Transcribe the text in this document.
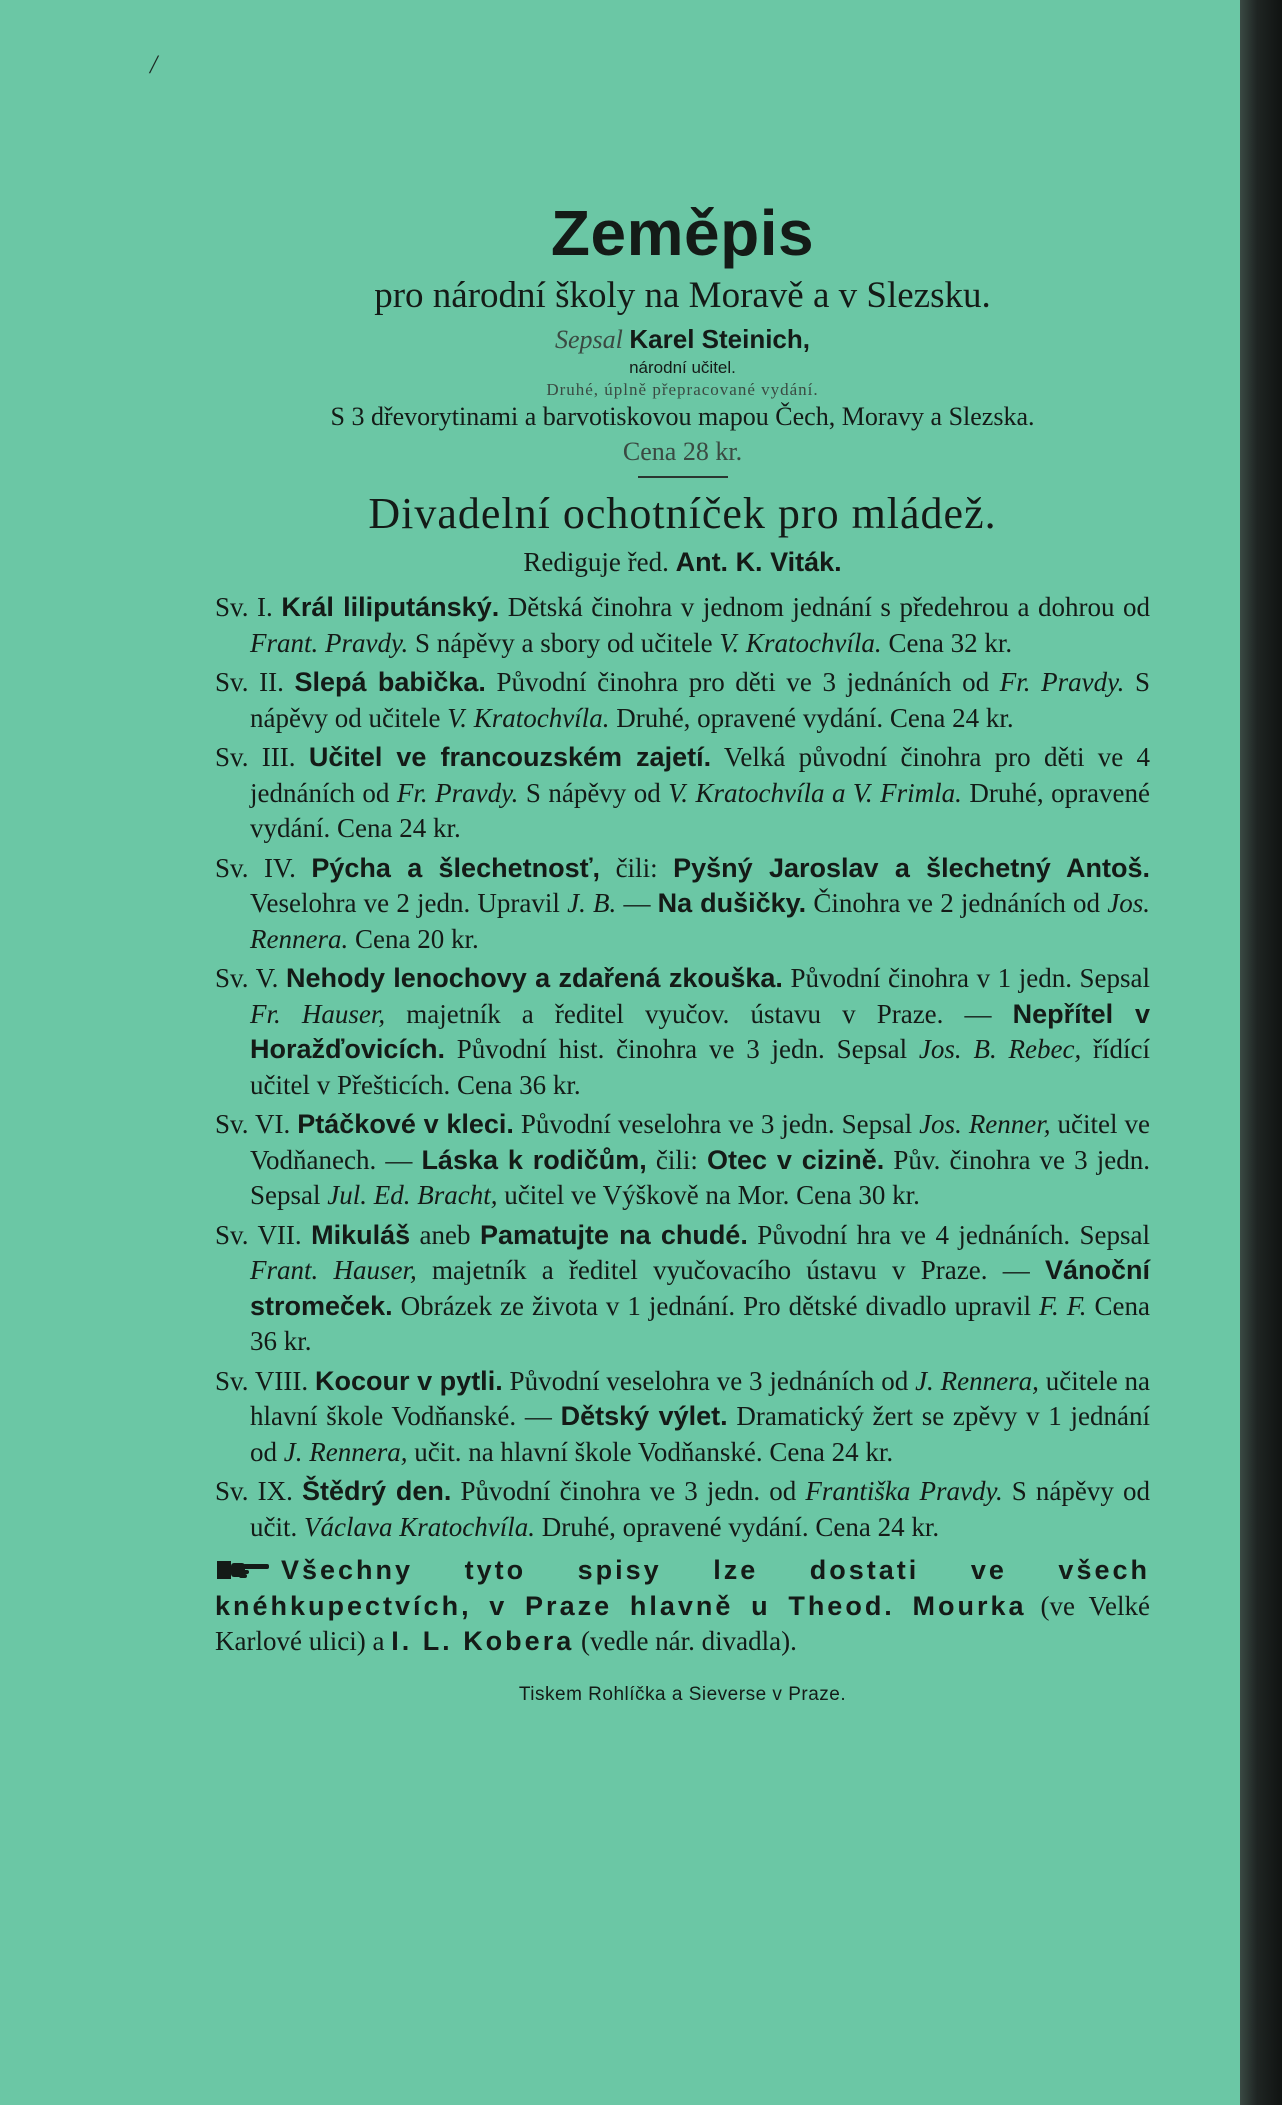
/
Zeměpis
pro národní školy na Moravě a v Slezsku.
Sepsal Karel Steinich,
národní učitel.
Druhé, úplně přepracované vydání.
S 3 dřevorytinami a barvotiskovou mapou Čech, Moravy a Slezska.
Cena 28 kr.
Divadelní ochotníček pro mládež.
Rediguje řed. Ant. K. Viták.
Sv. I. Král liliputánský. Dětská činohra v jednom jednání s předehrou a dohrou od Frant. Pravdy. S nápěvy a sbory od učitele V. Kratochvíla. Cena 32 kr.
Sv. II. Slepá babička. Původní činohra pro děti ve 3 jednáních od Fr. Pravdy. S nápěvy od učitele V. Kratochvíla. Druhé, opravené vydání. Cena 24 kr.
Sv. III. Učitel ve francouzském zajetí. Velká původní činohra pro děti ve 4 jednáních od Fr. Pravdy. S nápěvy od V. Kratochvíla a V. Frimla. Druhé, opravené vydání. Cena 24 kr.
Sv. IV. Pýcha a šlechetnosť, čili: Pyšný Jaroslav a šlechetný Antoš. Veselohra ve 2 jedn. Upravil J. B. — Na dušičky. Činohra ve 2 jednáních od Jos. Rennera. Cena 20 kr.
Sv. V. Nehody lenochovy a zdařená zkouška. Původní činohra v 1 jedn. Sepsal Fr. Hauser, majetník a ředitel vyučov. ústavu v Praze. — Nepřítel v Horažďovicích. Původní hist. činohra ve 3 jedn. Sepsal Jos. B. Rebec, řídící učitel v Přešticích. Cena 36 kr.
Sv. VI. Ptáčkové v kleci. Původní veselohra ve 3 jedn. Sepsal Jos. Renner, učitel ve Vodňanech. — Láska k rodičům, čili: Otec v cizině. Pův. činohra ve 3 jedn. Sepsal Jul. Ed. Bracht, učitel ve Výškově na Mor. Cena 30 kr.
Sv. VII. Mikuláš aneb Pamatujte na chudé. Původní hra ve 4 jednáních. Sepsal Frant. Hauser, majetník a ředitel vyučovacího ústavu v Praze. — Vánoční stromeček. Obrázek ze života v 1 jednání. Pro dětské divadlo upravil F. F. Cena 36 kr.
Sv. VIII. Kocour v pytli. Původní veselohra ve 3 jednáních od J. Rennera, učitele na hlavní škole Vodňanské. — Dětský výlet. Dramatický žert se zpěvy v 1 jednání od J. Rennera, učit. na hlavní škole Vodňanské. Cena 24 kr.
Sv. IX. Štědrý den. Původní činohra ve 3 jedn. od Františka Pravdy. S nápěvy od učit. Václava Kratochvíla. Druhé, opravené vydání. Cena 24 kr.
Všechny tyto spisy lze dostati ve všech knéhkupectvích, v Praze hlavně u Theod. Mourka (ve Velké Karlové ulici) a I. L. Kobera (vedle nár. divadla).
Tiskem Rohlíčka a Sieverse v Praze.
